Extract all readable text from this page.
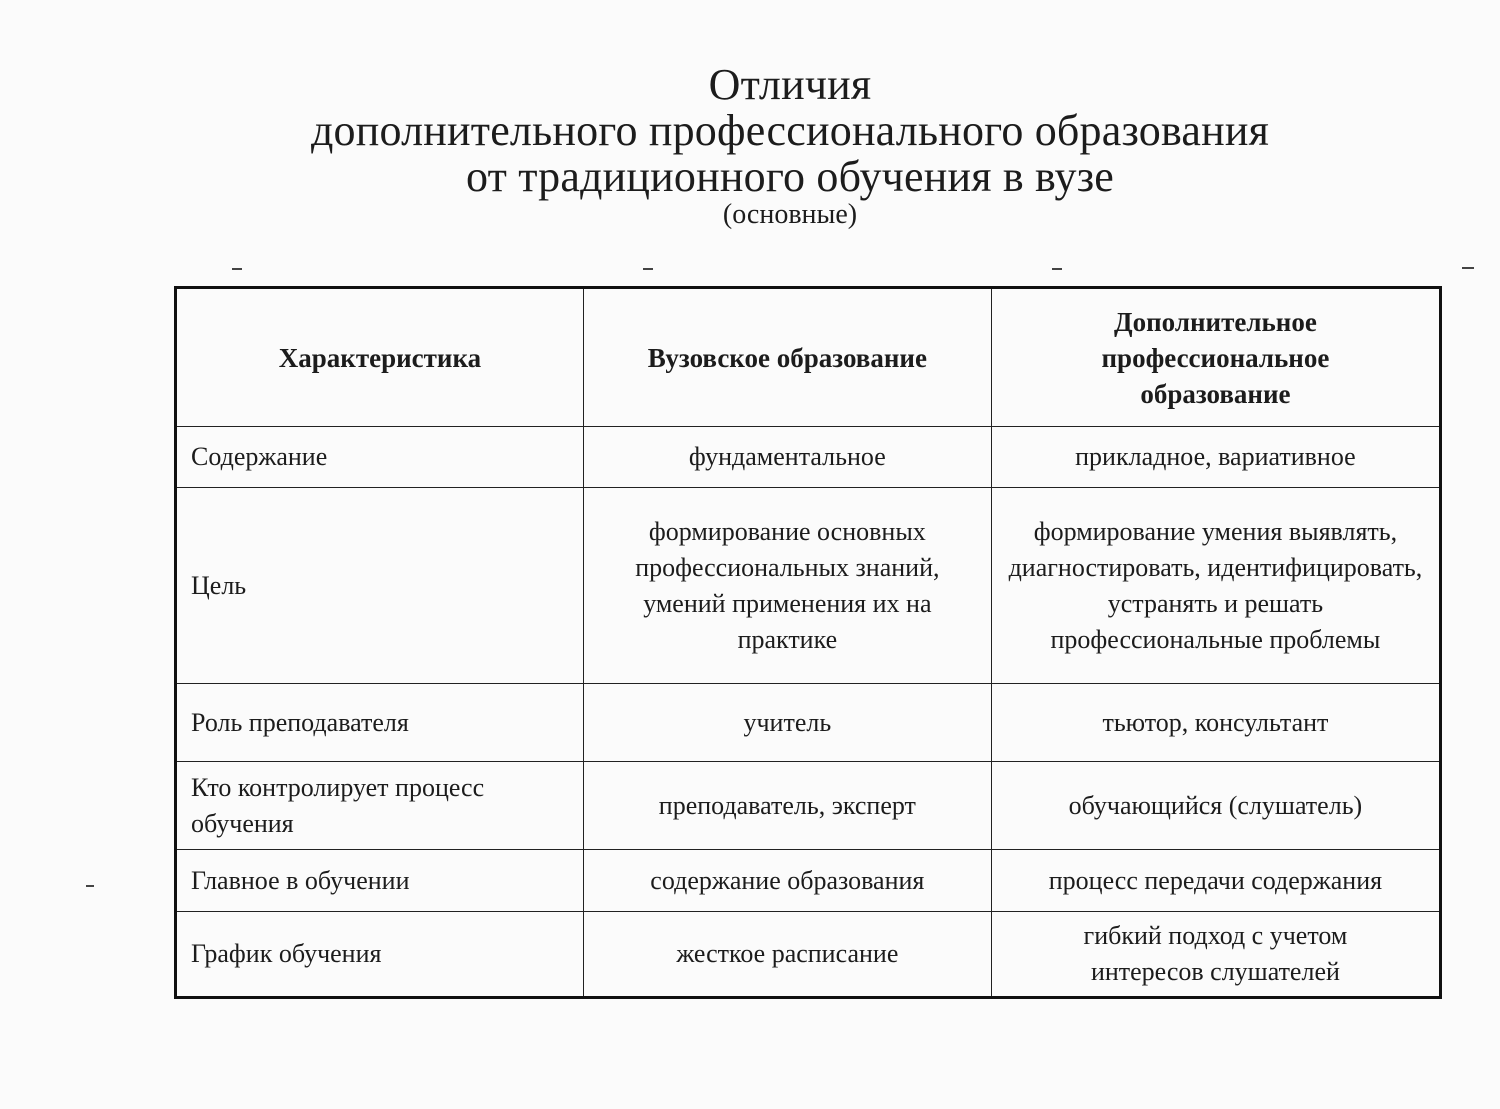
Отличия
дополнительного профессионального образования
от традиционного обучения в вузе
(основные)
Характеристика	Вузовское образование	Дополнительное профессиональное образование
Содержание	фундаментальное	прикладное, вариативное
Цель	формирование основных профессиональных знаний, умений применения их на практике	формирование умения выявлять, диагностировать, идентифицировать, устранять и решать профессиональные проблемы
Роль преподавателя	учитель	тьютор, консультант
Кто контролирует процесс обучения	преподаватель, эксперт	обучающийся (слушатель)
Главное в обучении	содержание образования	процесс передачи содержания
График обучения	жесткое расписание	гибкий подход с учетом интересов слушателей
